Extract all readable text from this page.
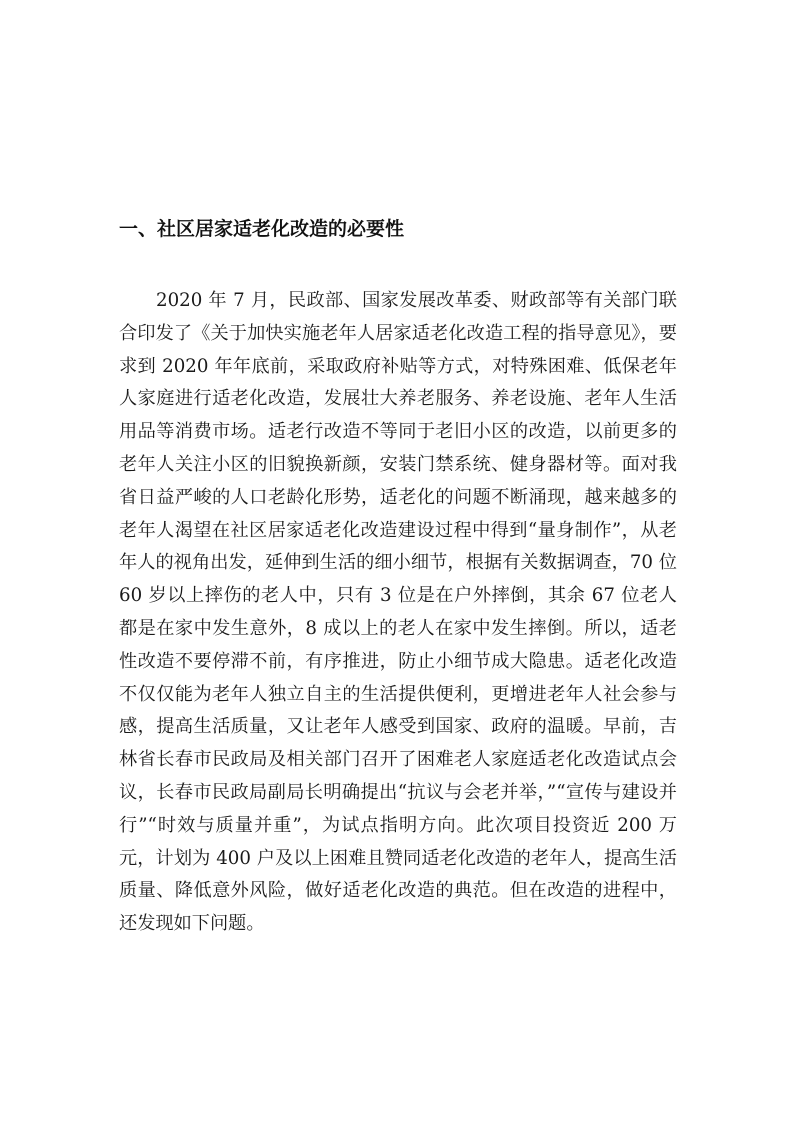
一、社区居家适老化改造的必要性

2020 年 7 月，民政部、国家发展改革委、财政部等有关部门联合印发了《关于加快实施老年人居家适老化改造工程的指导意见》，要求到 2020 年年底前，采取政府补贴等方式，对特殊困难、低保老年人家庭进行适老化改造，发展壮大养老服务、养老设施、老年人生活用品等消费市场。适老行改造不等同于老旧小区的改造，以前更多的老年人关注小区的旧貌换新颜，安装门禁系统、健身器材等。面对我省日益严峻的人口老龄化形势，适老化的问题不断涌现，越来越多的老年人渴望在社区居家适老化改造建设过程中得到“量身制作”，从老年人的视角出发，延伸到生活的细小细节，根据有关数据调查，70 位 60 岁以上摔伤的老人中，只有 3 位是在户外摔倒，其余 67 位老人都是在家中发生意外，8 成以上的老人在家中发生摔倒。所以，适老性改造不要停滞不前，有序推进，防止小细节成大隐患。适老化改造不仅仅能为老年人独立自主的生活提供便利，更增进老年人社会参与感，提高生活质量，又让老年人感受到国家、政府的温暖。早前，吉林省长春市民政局及相关部门召开了困难老人家庭适老化改造试点会议，长春市民政局副局长明确提出“抗议与会老并举，”“宣传与建设并行”“时效与质量并重”，为试点指明方向。此次项目投资近 200 万元，计划为 400 户及以上困难且赞同适老化改造的老年人，提高生活质量、降低意外风险，做好适老化改造的典范。但在改造的进程中，还发现如下问题。
